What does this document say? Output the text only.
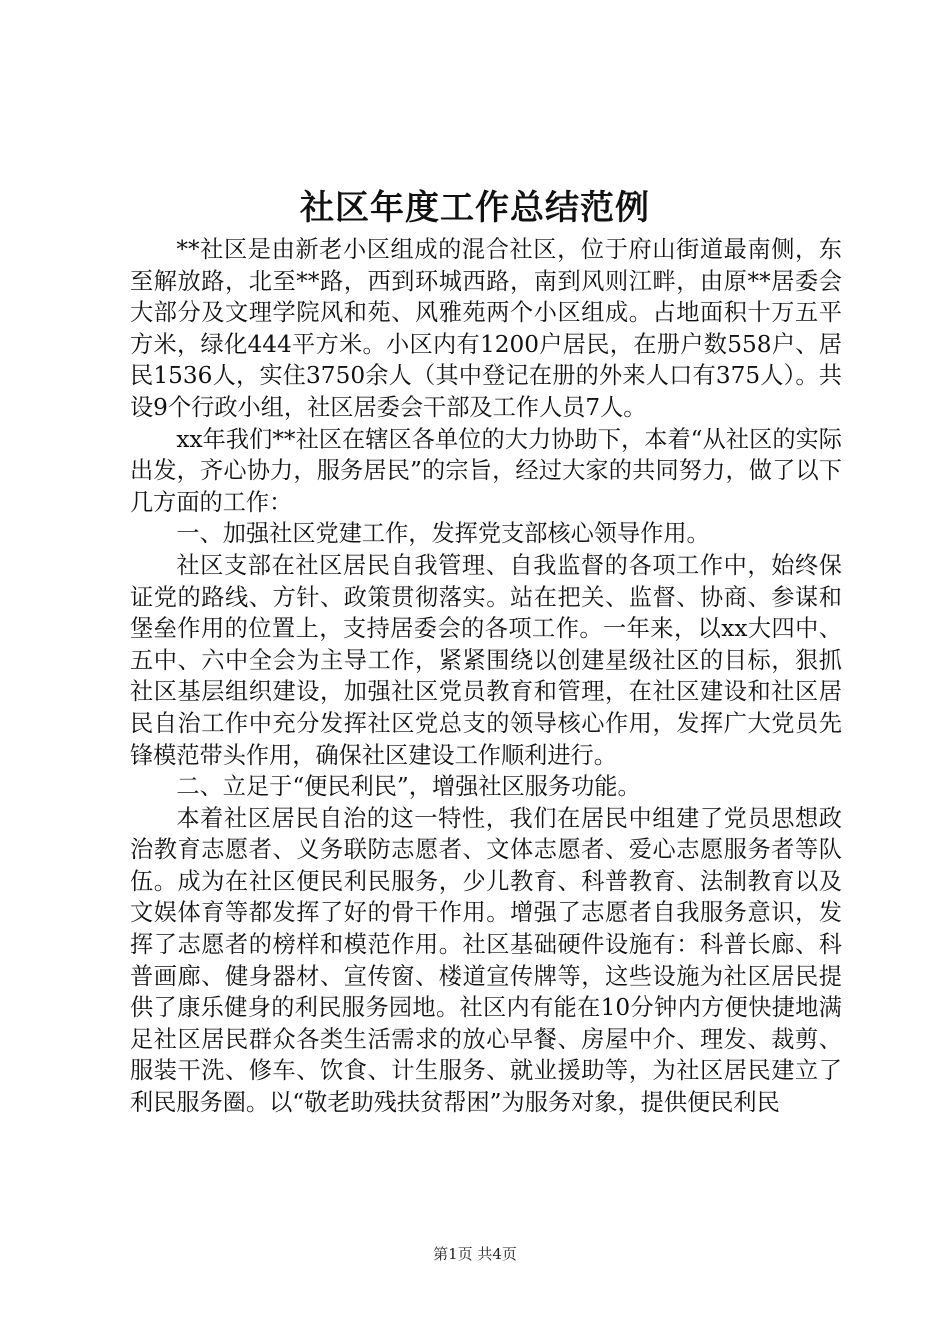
社区年度工作总结范例

**社区是由新老小区组成的混合社区，位于府山街道最南侧，东至解放路，北至**路，西到环城西路，南到风则江畔，由原**居委会大部分及文理学院风和苑、风雅苑两个小区组成。占地面积十万五平方米，绿化444平方米。小区内有1200户居民，在册户数558户、居民1536人，实住3750余人（其中登记在册的外来人口有375人）。共设9个行政小组，社区居委会干部及工作人员7人。

xx年我们**社区在辖区各单位的大力协助下，本着“从社区的实际出发，齐心协力，服务居民”的宗旨，经过大家的共同努力，做了以下几方面的工作：

一、加强社区党建工作，发挥党支部核心领导作用。

社区支部在社区居民自我管理、自我监督的各项工作中，始终保证党的路线、方针、政策贯彻落实。站在把关、监督、协商、参谋和堡垒作用的位置上，支持居委会的各项工作。一年来，以xx大四中、五中、六中全会为主导工作，紧紧围绕以创建星级社区的目标，狠抓社区基层组织建设，加强社区党员教育和管理，在社区建设和社区居民自治工作中充分发挥社区党总支的领导核心作用，发挥广大党员先锋模范带头作用，确保社区建设工作顺利进行。

二、立足于“便民利民”，增强社区服务功能。

本着社区居民自治的这一特性，我们在居民中组建了党员思想政治教育志愿者、义务联防志愿者、文体志愿者、爱心志愿服务者等队伍。成为在社区便民利民服务，少儿教育、科普教育、法制教育以及文娱体育等都发挥了好的骨干作用。增强了志愿者自我服务意识，发挥了志愿者的榜样和模范作用。社区基础硬件设施有：科普长廊、科普画廊、健身器材、宣传窗、楼道宣传牌等，这些设施为社区居民提供了康乐健身的利民服务园地。社区内有能在10分钟内方便快捷地满足社区居民群众各类生活需求的放心早餐、房屋中介、理发、裁剪、服装干洗、修车、饮食、计生服务、就业援助等，为社区居民建立了利民服务圈。以“敬老助残扶贫帮困”为服务对象，提供便民利民

第1页 共4页
